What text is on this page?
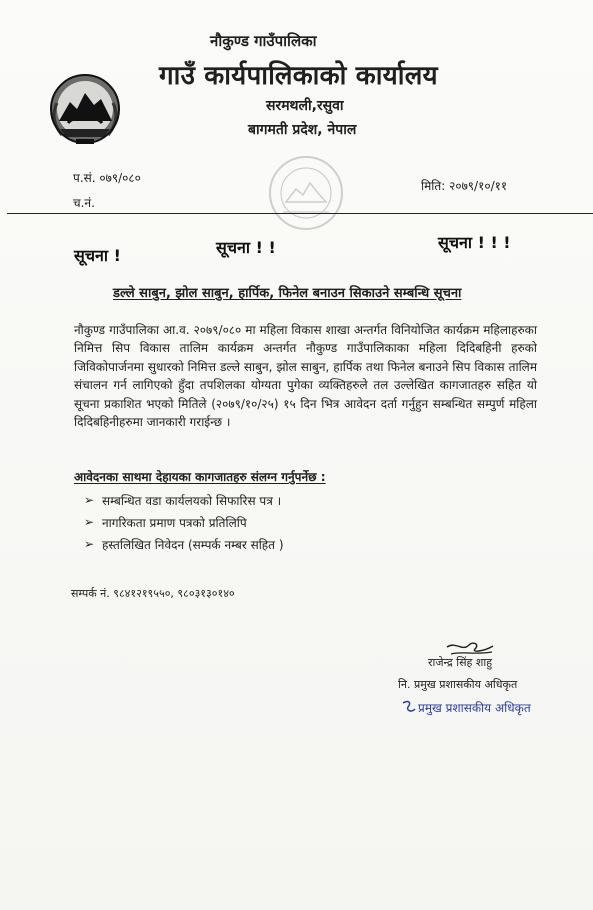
नौकुण्ड गाउँपालिका
गाउँ कार्यपालिकाको कार्यालय
सरमथली,रसुवा
बागमती प्रदेश, नेपाल
प.सं. ०७९/०८०
च.नं.
मिति: २०७९/१०/११
सूचना !	सूचना ! !	सूचना ! ! !
डल्ले साबुन, झोल साबुन, हार्पिक, फिनेल बनाउन सिकाउने सम्बन्धि सूचना
नौकुण्ड गाउँपालिका आ.व. २०७९/०८० मा महिला विकास शाखा अन्तर्गत विनियोजित कार्यक्रम महिलाहरुका निमित्त सिप विकास तालिम कार्यक्रम अन्तर्गत नौकुण्ड गाउँपालिकाका महिला दिदिबहिनी हरुको जिविकोपार्जनमा सुधारको निमित्त डल्ले साबुन, झोल साबुन, हार्पिक तथा फिनेल बनाउने सिप विकास तालिम संचालन गर्न लागिएको हुँदा तपशिलका योग्यता पुगेका व्यक्तिहरुले तल उल्लेखित कागजातहरु सहित यो सूचना प्रकाशित भएको मितिले (२०७९/१०/२५) १५ दिन भित्र आवेदन दर्ता गर्नुहुन सम्बन्धित सम्पुर्ण महिला दिदिबहिनीहरुमा जानकारी गराईन्छ ।
आवेदनका साथमा देहायका कागजातहरु संलग्न गर्नुपर्नेछ :
➢ सम्बन्धित वडा कार्यलयको सिफारिस पत्र ।
➢ नागरिकता प्रमाण पत्रको प्रतिलिपि
➢ हस्तलिखित निवेदन (सम्पर्क नम्बर सहित )
सम्पर्क नं. ९८४१२१९५५०, ९८०३१३०१४०
राजेन्द्र सिंह शाहु
नि. प्रमुख प्रशासकीय अधिकृत
प्रमुख प्रशासकीय अधिकृत
